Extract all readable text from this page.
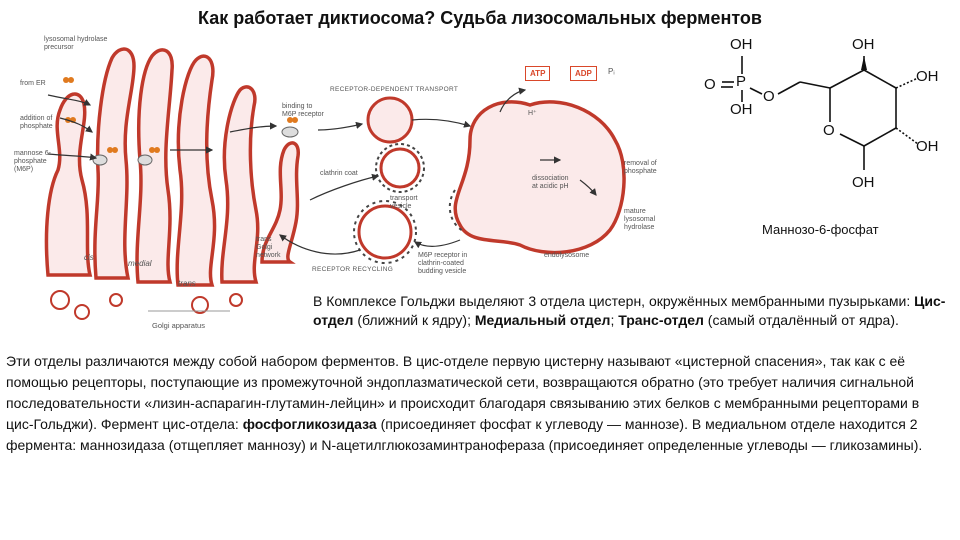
Как работает диктиосома? Судьба лизосомальных ферментов
lysosomal hydrolase
precursor
from ER
addition of
phosphate
mannose 6-
phosphate
(M6P)
cis
medial
trans
trans
Golgi
network
Golgi apparatus
binding to
M6P receptor
RECEPTOR-DEPENDENT TRANSPORT
clathrin coat
transport
vesicle
dissociation
at acidic pH
removal of
phosphate
mature
lysosomal
hydrolase
H⁺
endolysosome
RECEPTOR RECYCLING
M6P receptor in
clathrin-coated
budding vesicle
ATP	ADP	Pᵢ
OH
P
O
OH
O
OH
OH
OH
OH
O
Маннозо-6-фосфат
В Комплексе Гольджи выделяют 3 отдела цистерн, окружённых мембранными пузырьками: Цис-отдел (ближний к ядру); Медиальный отдел; Транс-отдел (самый отдалённый от ядра).
Эти отделы различаются между собой набором ферментов. В цис-отделе первую цистерну называют «цистерной спасения», так как с её помощью рецепторы, поступающие из промежуточной эндоплазматической сети, возвращаются обратно (это требует наличия сигнальной последовательности «лизин-аспарагин-глутамин-лейцин» и происходит благодаря связыванию этих белков с мембранными рецепторами в цис-Гольджи). Фермент цис-отдела: фосфогликозидаза (присоединяет фосфат к углеводу — маннозе). В медиальном отделе находится 2 фермента: маннозидаза (отщепляет маннозу) и N-ацетилглюкозаминтранофераза (присоединяет определенные углеводы — гликозамины).
